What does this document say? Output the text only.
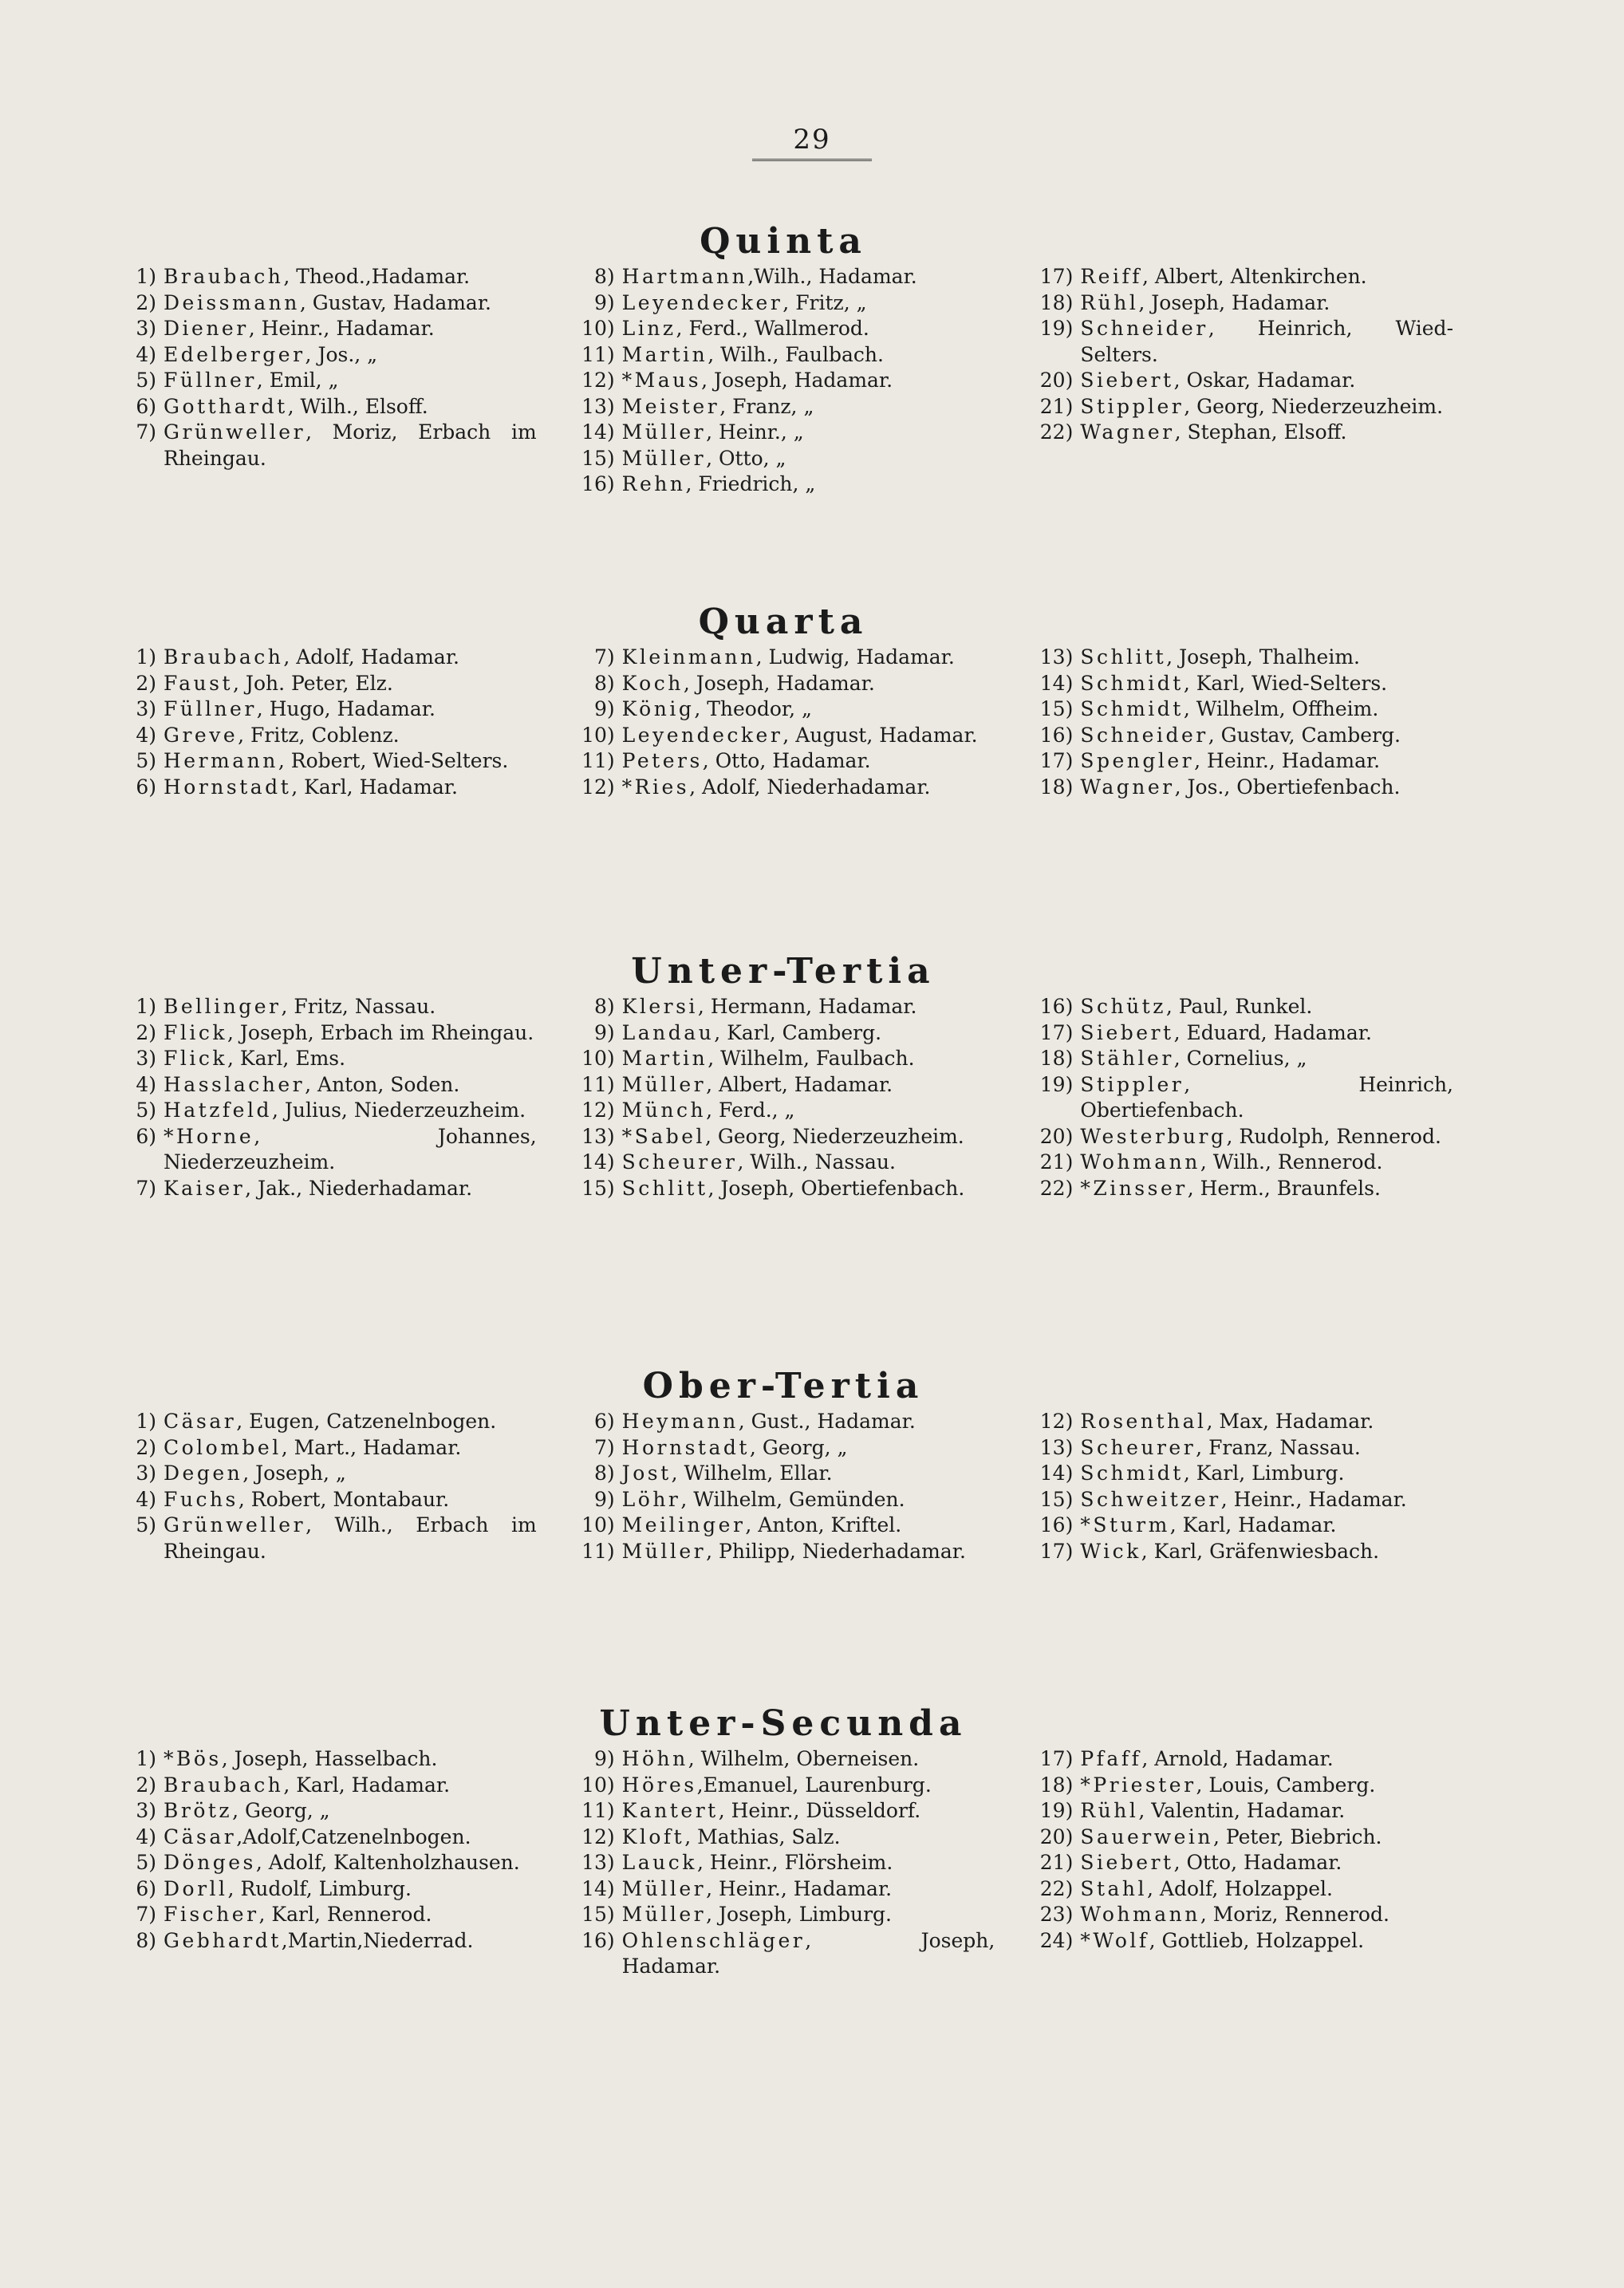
29
Quinta
1) Braubach, Theod.,Hadamar.
2) Deissmann, Gustav, Hadamar.
3) Diener, Heinr., Hadamar.
4) Edelberger, Jos., „
5) Füllner, Emil, „
6) Gotthardt, Wilh., Elsoff.
7) Grünweller, Moriz, Erbach im Rheingau.
8) Hartmann,Wilh., Hadamar.
9) Leyendecker, Fritz, „
10) Linz, Ferd., Wallmerod.
11) Martin, Wilh., Faulbach.
12) *Maus, Joseph, Hadamar.
13) Meister, Franz, „
14) Müller, Heinr., „
15) Müller, Otto, „
16) Rehn, Friedrich, „
17) Reiff, Albert, Altenkirchen.
18) Rühl, Joseph, Hadamar.
19) Schneider, Heinrich, Wied-Selters.
20) Siebert, Oskar, Hadamar.
21) Stippler, Georg, Niederzeuzheim.
22) Wagner, Stephan, Elsoff.
Quarta
1) Braubach, Adolf, Hadamar.
2) Faust, Joh. Peter, Elz.
3) Füllner, Hugo, Hadamar.
4) Greve, Fritz, Coblenz.
5) Hermann, Robert, Wied-Selters.
6) Hornstadt, Karl, Hadamar.
7) Kleinmann, Ludwig, Hadamar.
8) Koch, Joseph, Hadamar.
9) König, Theodor, „
10) Leyendecker, August, Hadamar.
11) Peters, Otto, Hadamar.
12) *Ries, Adolf, Niederhadamar.
13) Schlitt, Joseph, Thalheim.
14) Schmidt, Karl, Wied-Selters.
15) Schmidt, Wilhelm, Offheim.
16) Schneider, Gustav, Camberg.
17) Spengler, Heinr., Hadamar.
18) Wagner, Jos., Obertiefenbach.
Unter-Tertia
1) Bellinger, Fritz, Nassau.
2) Flick, Joseph, Erbach im Rheingau.
3) Flick, Karl, Ems.
4) Hasslacher, Anton, Soden.
5) Hatzfeld, Julius, Niederzeuzheim.
6) *Horne, Johannes, Niederzeuzheim.
7) Kaiser, Jak., Niederhadamar.
8) Klersi, Hermann, Hadamar.
9) Landau, Karl, Camberg.
10) Martin, Wilhelm, Faulbach.
11) Müller, Albert, Hadamar.
12) Münch, Ferd., „
13) *Sabel, Georg, Niederzeuzheim.
14) Scheurer, Wilh., Nassau.
15) Schlitt, Joseph, Obertiefenbach.
16) Schütz, Paul, Runkel.
17) Siebert, Eduard, Hadamar.
18) Stähler, Cornelius, „
19) Stippler, Heinrich, Obertiefenbach.
20) Westerburg, Rudolph, Rennerod.
21) Wohmann, Wilh., Rennerod.
22) *Zinsser, Herm., Braunfels.
Ober-Tertia
1) Cäsar, Eugen, Catzenelnbogen.
2) Colombel, Mart., Hadamar.
3) Degen, Joseph, „
4) Fuchs, Robert, Montabaur.
5) Grünweller, Wilh., Erbach im Rheingau.
6) Heymann, Gust., Hadamar.
7) Hornstadt, Georg, „
8) Jost, Wilhelm, Ellar.
9) Löhr, Wilhelm, Gemünden.
10) Meilinger, Anton, Kriftel.
11) Müller, Philipp, Niederhadamar.
12) Rosenthal, Max, Hadamar.
13) Scheurer, Franz, Nassau.
14) Schmidt, Karl, Limburg.
15) Schweitzer, Heinr., Hadamar.
16) *Sturm, Karl, Hadamar.
17) Wick, Karl, Gräfenwiesbach.
Unter-Secunda
1) *Bös, Joseph, Hasselbach.
2) Braubach, Karl, Hadamar.
3) Brötz, Georg, „
4) Cäsar,Adolf,Catzenelnbogen.
5) Dönges, Adolf, Kaltenholzhausen.
6) Dorll, Rudolf, Limburg.
7) Fischer, Karl, Rennerod.
8) Gebhardt,Martin,Niederrad.
9) Höhn, Wilhelm, Oberneisen.
10) Höres,Emanuel, Laurenburg.
11) Kantert, Heinr., Düsseldorf.
12) Kloft, Mathias, Salz.
13) Lauck, Heinr., Flörsheim.
14) Müller, Heinr., Hadamar.
15) Müller, Joseph, Limburg.
16) Ohlenschläger, Joseph, Hadamar.
17) Pfaff, Arnold, Hadamar.
18) *Priester, Louis, Camberg.
19) Rühl, Valentin, Hadamar.
20) Sauerwein, Peter, Biebrich.
21) Siebert, Otto, Hadamar.
22) Stahl, Adolf, Holzappel.
23) Wohmann, Moriz, Rennerod.
24) *Wolf, Gottlieb, Holzappel.
